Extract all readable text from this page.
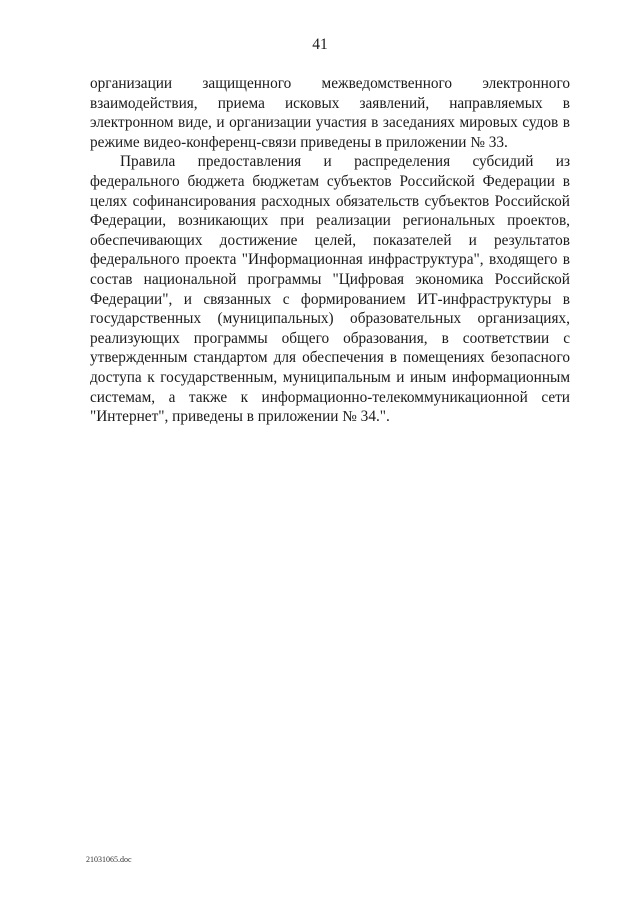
41

организации защищенного межведомственного электронного взаимодействия, приема исковых заявлений, направляемых в электронном виде, и организации участия в заседаниях мировых судов в режиме видео-конференц-связи приведены в приложении № 33.

Правила предоставления и распределения субсидий из федерального бюджета бюджетам субъектов Российской Федерации в целях софинансирования расходных обязательств субъектов Российской Федерации, возникающих при реализации региональных проектов, обеспечивающих достижение целей, показателей и результатов федерального проекта "Информационная инфраструктура", входящего в состав национальной программы "Цифровая экономика Российской Федерации", и связанных с формированием ИТ-инфраструктуры в государственных (муниципальных) образовательных организациях, реализующих программы общего образования, в соответствии с утвержденным стандартом для обеспечения в помещениях безопасного доступа к государственным, муниципальным и иным информационным системам, а также к информационно-телекоммуникационной сети "Интернет", приведены в приложении № 34.".

21031065.doc
